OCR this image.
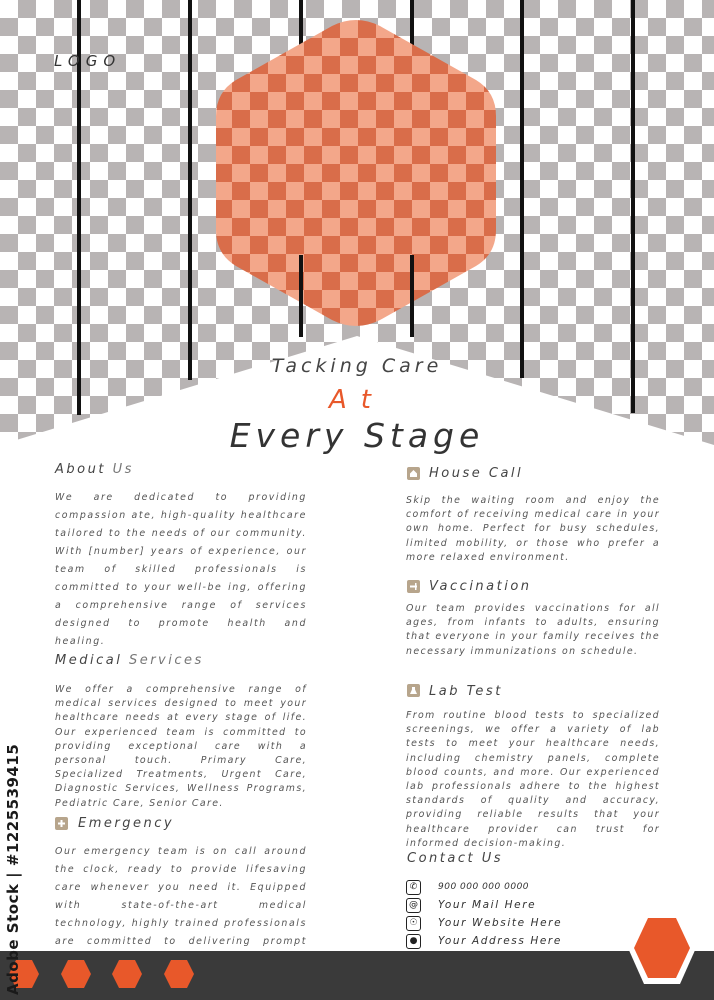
LOGO
Tacking Care
At
Every Stage
About Us
We are dedicated to providing compassion ate, high-quality healthcare tailored to the needs of our community. With [number] years of experience, our team of skilled professionals is committed to your well-be ing, offering a comprehensive range of services designed to promote health and healing.
Medical Services
We offer a comprehensive range of medical services designed to meet your healthcare needs at every stage of life. Our experienced team is committed to providing exceptional care with a personal touch. Primary Care, Specialized Treatments, Urgent Care, Diagnostic Services, Wellness Programs, Pediatric Care, Senior Care.
Emergency
Our emergency team is on call around the clock, ready to provide lifesaving care whenever you need it. Equipped with state-of-the-art medical technology, highly trained professionals are committed to delivering prompt
House Call
Skip the waiting room and enjoy the comfort of receiving medical care in your own home. Perfect for busy schedules, limited mobility, or those who prefer a more relaxed environment.
Vaccination
Our team provides vaccinations for all ages, from infants to adults, ensuring that everyone in your family receives the necessary immunizations on schedule.
Lab Test
From routine blood tests to specialized screenings, we offer a variety of lab tests to meet your healthcare needs, including chemistry panels, complete blood counts, and more. Our experienced lab professionals adhere to the highest standards of quality and accuracy, providing reliable results that your healthcare provider can trust for informed decision-making.
Contact Us
✆	900 000 000 0000
@ Your Mail Here
☉	Your Website Here
●	Your Address Here
Adobe Stock | #1225539415
